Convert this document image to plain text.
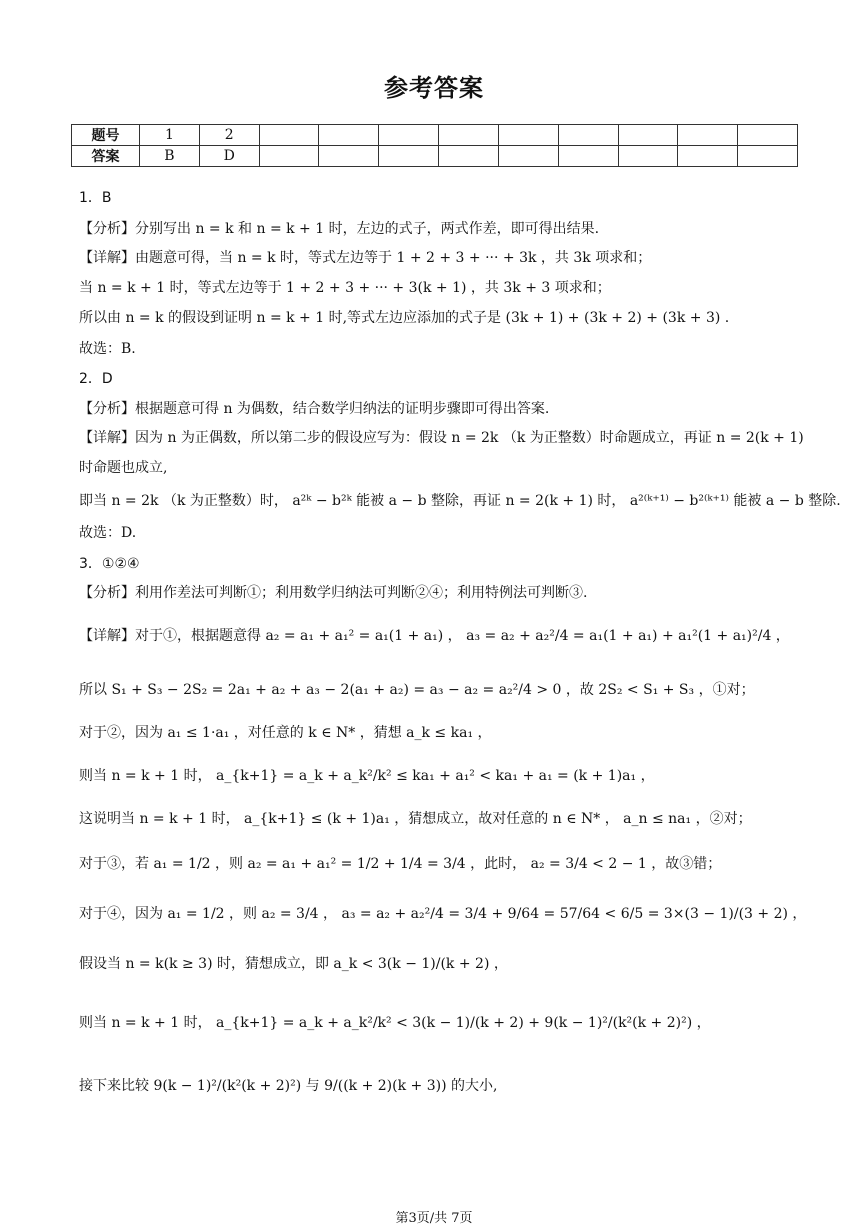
参考答案
题号	1	2									
答案	B	D									
1．B
【分析】分别写出 n = k 和 n = k + 1 时，左边的式子，两式作差，即可得出结果.
【详解】由题意可得，当 n = k 时，等式左边等于 1 + 2 + 3 + ··· + 3k ，共 3k 项求和；
当 n = k + 1 时，等式左边等于 1 + 2 + 3 + ··· + 3(k + 1) ，共 3k + 3 项求和；
所以由 n = k 的假设到证明 n = k + 1 时,等式左边应添加的式子是 (3k + 1) + (3k + 2) + (3k + 3) .
故选：B.
2．D
【分析】根据题意可得 n 为偶数，结合数学归纳法的证明步骤即可得出答案.
【详解】因为 n 为正偶数，所以第二步的假设应写为：假设 n = 2k （k 为正整数）时命题成立，再证 n = 2(k + 1)
时命题也成立,
即当 n = 2k （k 为正整数）时， a²ᵏ − b²ᵏ 能被 a − b 整除，再证 n = 2(k + 1) 时， a²⁽ᵏ⁺¹⁾ − b²⁽ᵏ⁺¹⁾ 能被 a − b 整除.
故选：D.
3．①②④
【分析】利用作差法可判断①；利用数学归纳法可判断②④；利用特例法可判断③.
【详解】对于①，根据题意得 a₂ = a₁ + a₁² = a₁(1 + a₁) ， a₃ = a₂ + a₂²/4 = a₁(1 + a₁) + a₁²(1 + a₁)²/4 ，
所以 S₁ + S₃ − 2S₂ = 2a₁ + a₂ + a₃ − 2(a₁ + a₂) = a₃ − a₂ = a₂²/4 > 0 ，故 2S₂ < S₁ + S₃ ，①对；
对于②，因为 a₁ ≤ 1·a₁ ，对任意的 k ∈ N* ，猜想 a_k ≤ ka₁ ，
则当 n = k + 1 时， a_{k+1} = a_k + a_k²/k² ≤ ka₁ + a₁² < ka₁ + a₁ = (k + 1)a₁ ，
这说明当 n = k + 1 时， a_{k+1} ≤ (k + 1)a₁ ，猜想成立，故对任意的 n ∈ N* ， a_n ≤ na₁ ，②对；
对于③，若 a₁ = 1/2 ，则 a₂ = a₁ + a₁² = 1/2 + 1/4 = 3/4 ，此时， a₂ = 3/4 < 2 − 1 ，故③错；
对于④，因为 a₁ = 1/2 ，则 a₂ = 3/4 ， a₃ = a₂ + a₂²/4 = 3/4 + 9/64 = 57/64 < 6/5 = 3×(3 − 1)/(3 + 2) ，
假设当 n = k(k ≥ 3) 时，猜想成立，即 a_k < 3(k − 1)/(k + 2) ，
则当 n = k + 1 时， a_{k+1} = a_k + a_k²/k² < 3(k − 1)/(k + 2) + 9(k − 1)²/(k²(k + 2)²) ，
接下来比较 9(k − 1)²/(k²(k + 2)²) 与 9/((k + 2)(k + 3)) 的大小,
第3页/共 7页
